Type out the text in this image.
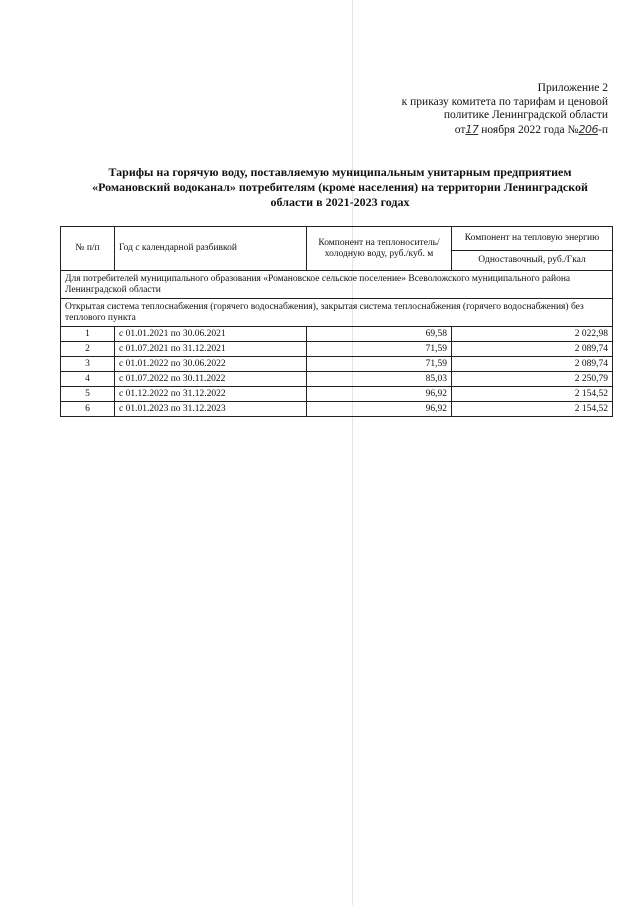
Приложение 2
к приказу комитета по тарифам и ценовой
политике Ленинградской области
от17 ноября 2022 года №206-п
Тарифы на горячую воду, поставляемую муниципальным унитарным предприятием
«Романовский водоканал» потребителям (кроме населения) на территории Ленинградской
области в 2021-2023 годах
№ п/п	Год с календарной разбивкой	Компонент на теплоноситель/ холодную воду, руб./куб. м	Компонент на тепловую энергию
			Одноставочный, руб./Гкал
Для потребителей муниципального образования «Романовское сельское поселение» Всеволожского муниципального района Ленинградской области			
Открытая система теплоснабжения (горячего водоснабжения), закрытая система теплоснабжения (горячего водоснабжения) без теплового пункта			
1	с 01.01.2021 по 30.06.2021	69,58	2 022,98
2	с 01.07.2021 по 31.12.2021	71,59	2 089,74
3	с 01.01.2022 по 30.06.2022	71,59	2 089,74
4	с 01.07.2022 по 30.11.2022	85,03	2 250,79
5	с 01.12.2022 по 31.12.2022	96,92	2 154,52
6	с 01.01.2023 по 31.12.2023	96,92	2 154,52
